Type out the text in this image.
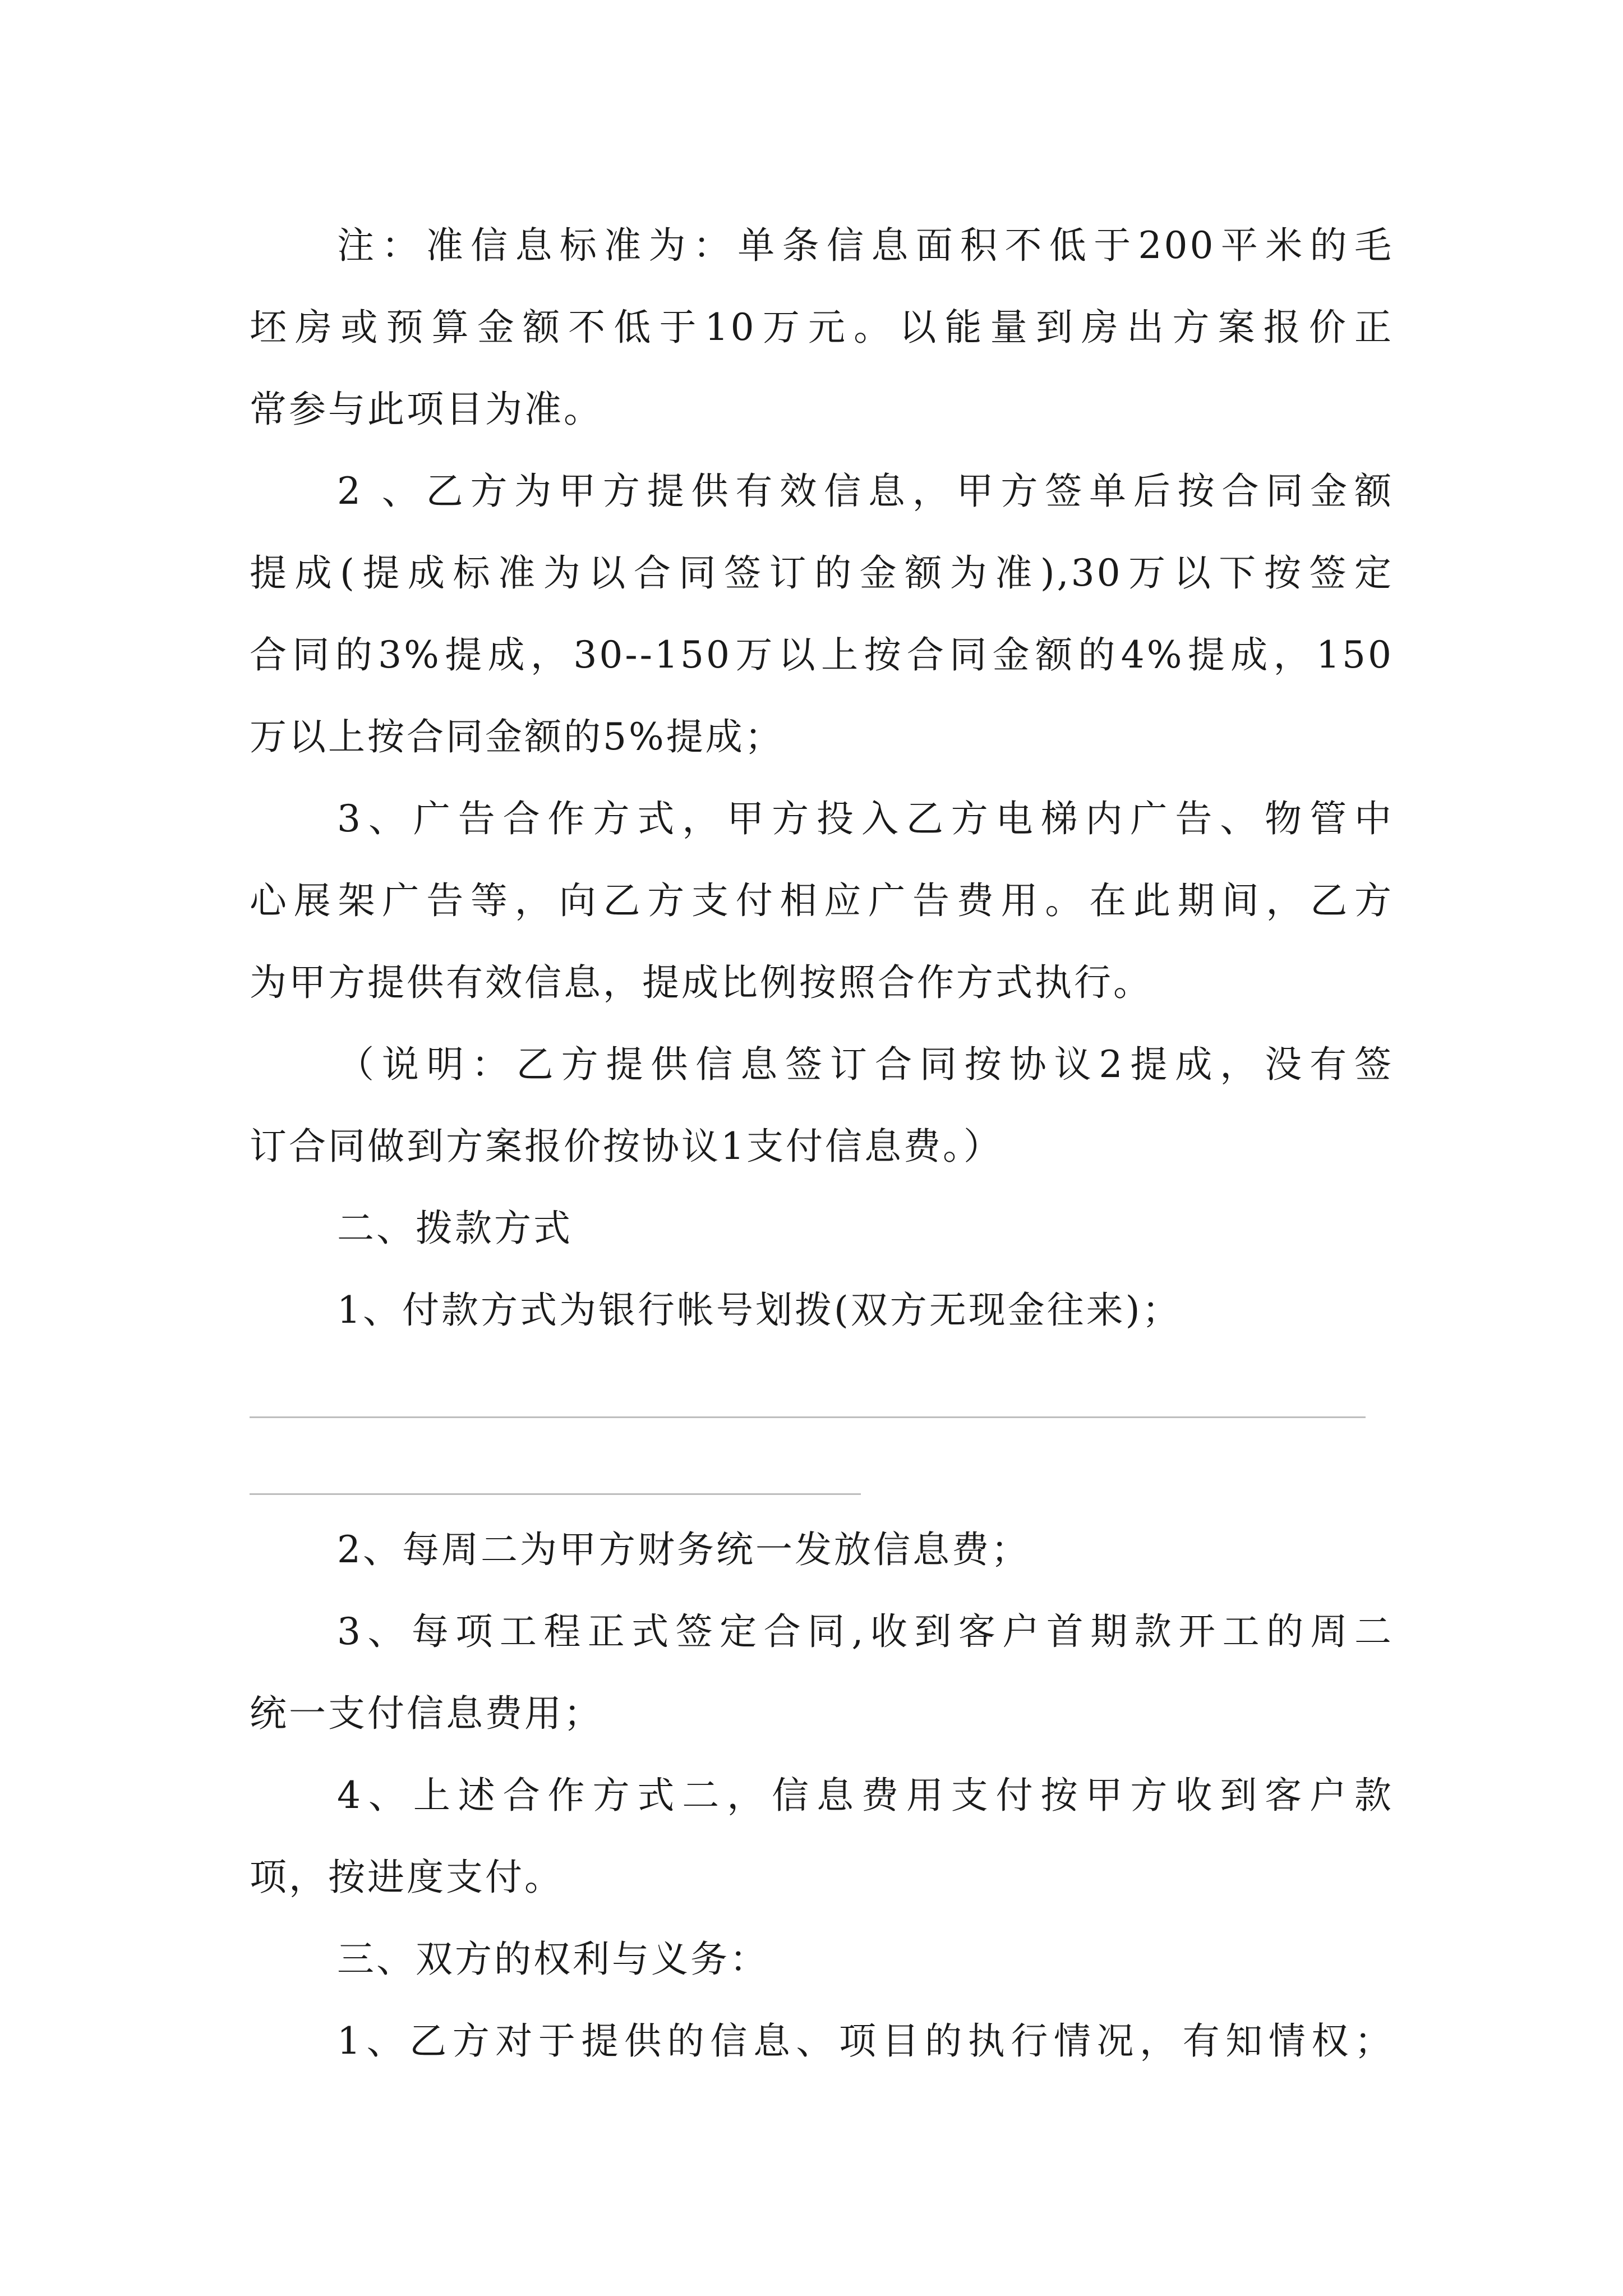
注：准信息标准为：单条信息面积不低于200平米的毛
坯房或预算金额不低于10万元。以能量到房出方案报价正
常参与此项目为准。
2 、乙方为甲方提供有效信息，甲方签单后按合同金额
提成(提成标准为以合同签订的金额为准),30万以下按签定
合同的3%提成，30--150万以上按合同金额的4%提成，150
万以上按合同金额的5%提成；
3、广告合作方式，甲方投入乙方电梯内广告、物管中
心展架广告等，向乙方支付相应广告费用。在此期间，乙方
为甲方提供有效信息，提成比例按照合作方式执行。
（说明：乙方提供信息签订合同按协议2提成，没有签
订合同做到方案报价按协议1支付信息费。）
二、拨款方式
1、付款方式为银行帐号划拨(双方无现金往来)；
2、每周二为甲方财务统一发放信息费；
3、每项工程正式签定合同,收到客户首期款开工的周二
统一支付信息费用；
4、上述合作方式二，信息费用支付按甲方收到客户款
项，按进度支付。
三、双方的权利与义务：
1、乙方对于提供的信息、项目的执行情况，有知情权；
